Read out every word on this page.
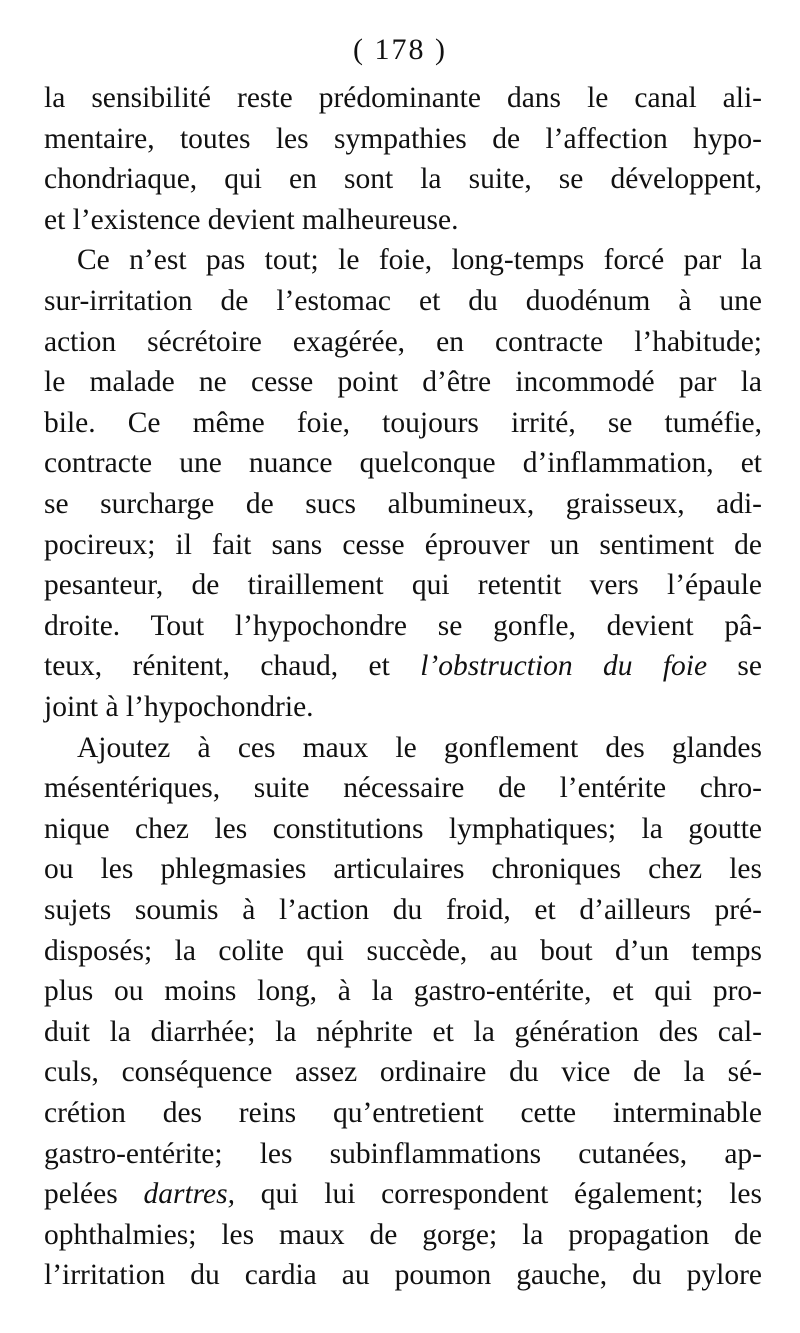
( 178 )
la sensibilité reste prédominante dans le canal ali-
mentaire, toutes les sympathies de l’affection hypo-
chondriaque, qui en sont la suite, se développent,
et l’existence devient malheureuse.
Ce n’est pas tout; le foie, long-temps forcé par la
sur-irritation de l’estomac et du duodénum à une
action sécrétoire exagérée, en contracte l’habitude;
le malade ne cesse point d’être incommodé par la
bile. Ce même foie, toujours irrité, se tuméfie,
contracte une nuance quelconque d’inflammation, et
se surcharge de sucs albumineux, graisseux, adi-
pocireux; il fait sans cesse éprouver un sentiment de
pesanteur, de tiraillement qui retentit vers l’épaule
droite. Tout l’hypochondre se gonfle, devient pâ-
teux, rénitent, chaud, et l’obstruction du foie se
joint à l’hypochondrie.
Ajoutez à ces maux le gonflement des glandes
mésentériques, suite nécessaire de l’entérite chro-
nique chez les constitutions lymphatiques; la goutte
ou les phlegmasies articulaires chroniques chez les
sujets soumis à l’action du froid, et d’ailleurs pré-
disposés; la colite qui succède, au bout d’un temps
plus ou moins long, à la gastro-entérite, et qui pro-
duit la diarrhée; la néphrite et la génération des cal-
culs, conséquence assez ordinaire du vice de la sé-
crétion des reins qu’entretient cette interminable
gastro-entérite; les subinflammations cutanées, ap-
pelées dartres, qui lui correspondent également; les
ophthalmies; les maux de gorge; la propagation de
l’irritation du cardia au poumon gauche, du pylore
